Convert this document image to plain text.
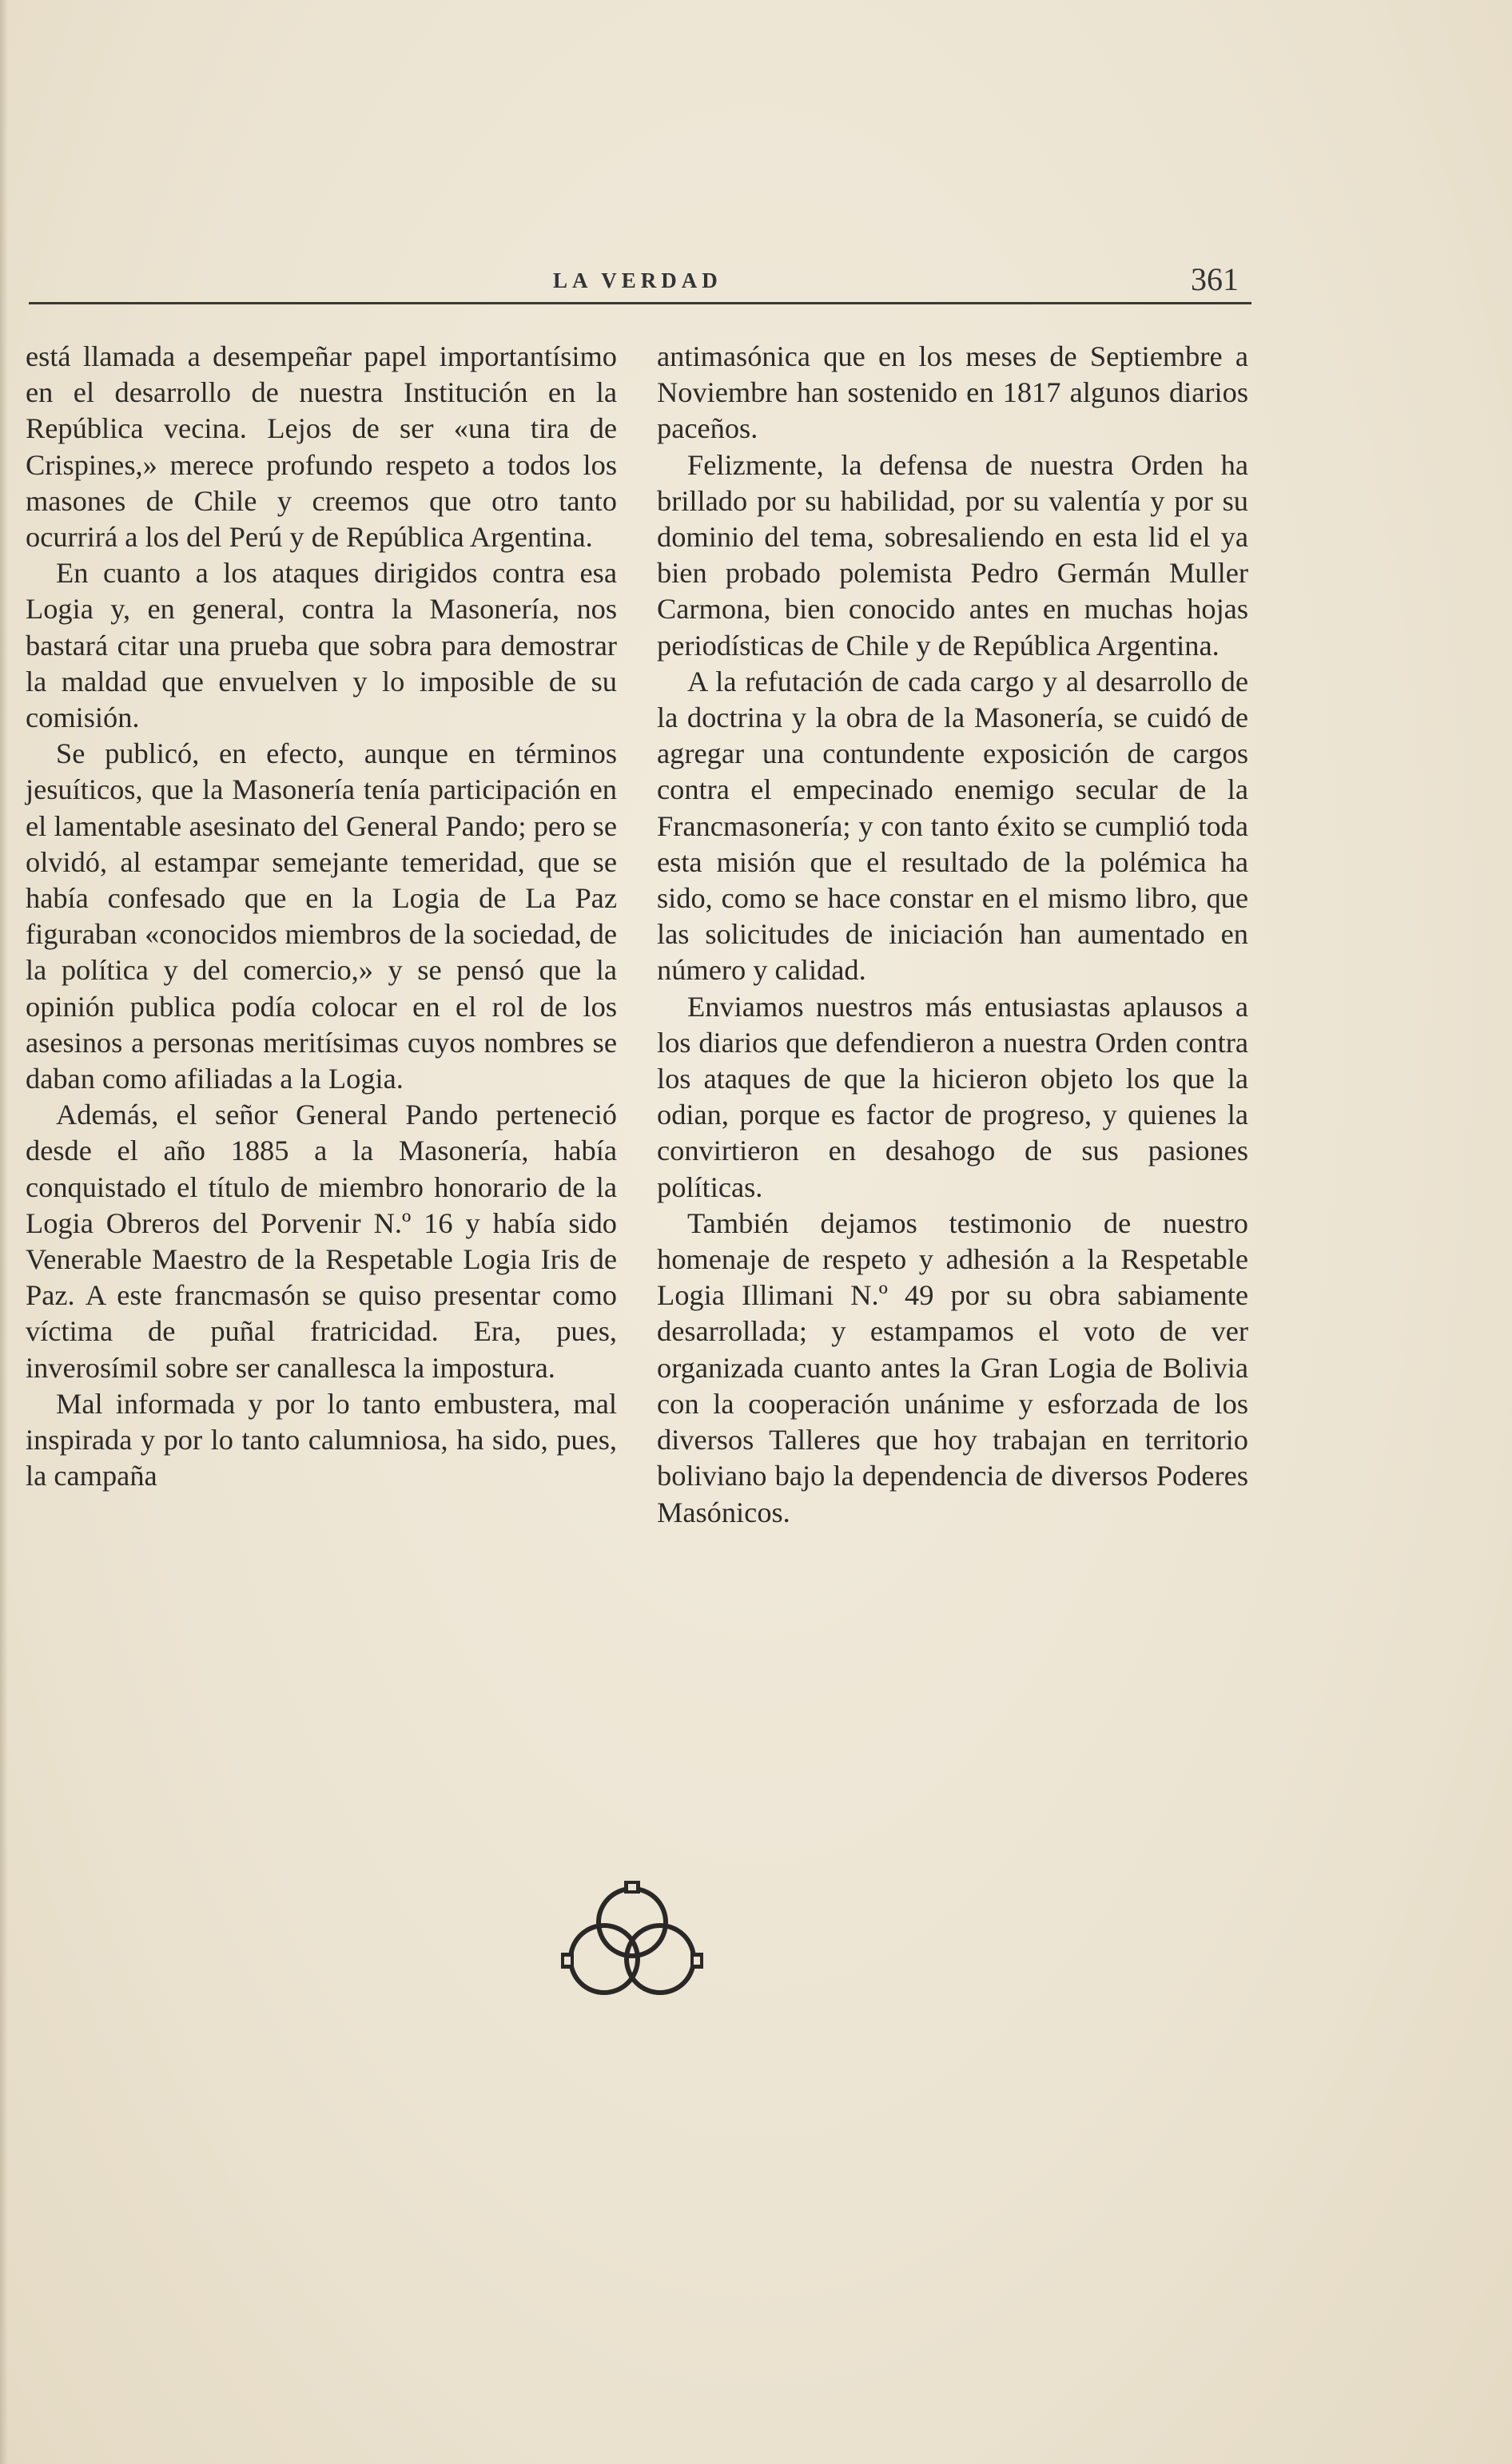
LA VERDAD	361

está llamada a desempeñar papel importantísimo en el desarrollo de nuestra Institución en la República vecina. Lejos de ser «una tira de Crispines,» merece profundo respeto a todos los masones de Chile y creemos que otro tanto ocurrirá a los del Perú y de República Argentina.

En cuanto a los ataques dirigidos contra esa Logia y, en general, contra la Masonería, nos bastará citar una prueba que sobra para demostrar la maldad que envuelven y lo imposible de su comisión.

Se publicó, en efecto, aunque en términos jesuíticos, que la Masonería tenía participación en el lamentable asesinato del General Pando; pero se olvidó, al estampar semejante temeridad, que se había confesado que en la Logia de La Paz figuraban «conocidos miembros de la sociedad, de la política y del comercio,» y se pensó que la opinión publica podía colocar en el rol de los asesinos a personas meritísimas cuyos nombres se daban como afiliadas a la Logia.

Además, el señor General Pando perteneció desde el año 1885 a la Masonería, había conquistado el título de miembro honorario de la Logia Obreros del Porvenir N.º 16 y había sido Venerable Maestro de la Respetable Logia Iris de Paz. A este francmasón se quiso presentar como víctima de puñal fratricidad. Era, pues, inverosímil sobre ser canallesca la impostura.

Mal informada y por lo tanto embustera, mal inspirada y por lo tanto calumniosa, ha sido, pues, la campaña

antimasónica que en los meses de Septiembre a Noviembre han sostenido en 1817 algunos diarios paceños.

Felizmente, la defensa de nuestra Orden ha brillado por su habilidad, por su valentía y por su dominio del tema, sobresaliendo en esta lid el ya bien probado polemista Pedro Germán Muller Carmona, bien conocido antes en muchas hojas periodísticas de Chile y de República Argentina.

A la refutación de cada cargo y al desarrollo de la doctrina y la obra de la Masonería, se cuidó de agregar una contundente exposición de cargos contra el empecinado enemigo secular de la Francmasonería; y con tanto éxito se cumplió toda esta misión que el resultado de la polémica ha sido, como se hace constar en el mismo libro, que las solicitudes de iniciación han aumentado en número y calidad.

Enviamos nuestros más entusiastas aplausos a los diarios que defendieron a nuestra Orden contra los ataques de que la hicieron objeto los que la odian, porque es factor de progreso, y quienes la convirtieron en desahogo de sus pasiones políticas.

También dejamos testimonio de nuestro homenaje de respeto y adhesión a la Respetable Logia Illimani N.º 49 por su obra sabiamente desarrollada; y estampamos el voto de ver organizada cuanto antes la Gran Logia de Bolivia con la cooperación unánime y esforzada de los diversos Talleres que hoy trabajan en territorio boliviano bajo la dependencia de diversos Poderes Masónicos.
